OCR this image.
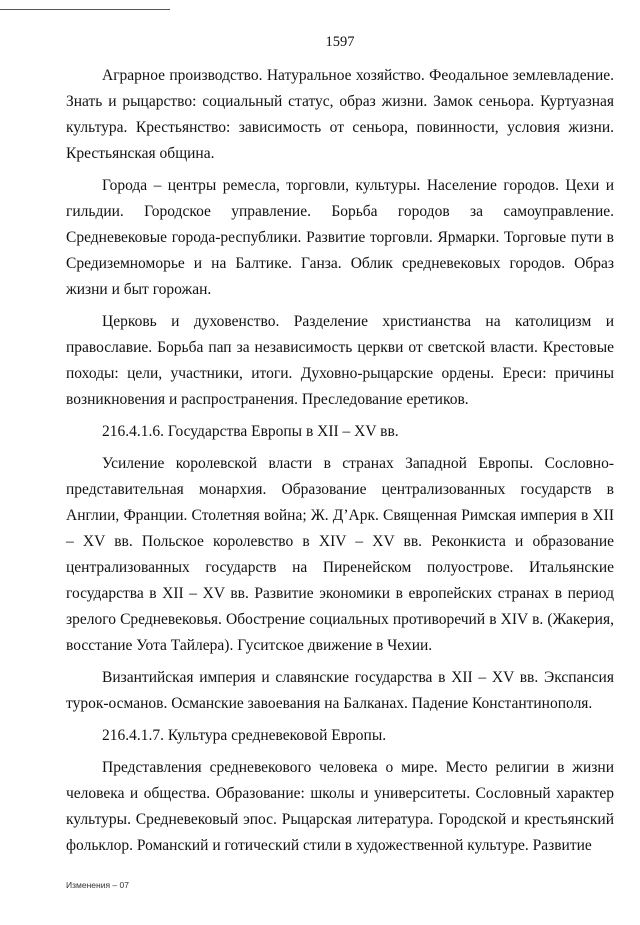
1597

Аграрное производство. Натуральное хозяйство. Феодальное землевладение. Знать и рыцарство: социальный статус, образ жизни. Замок сеньора. Куртуазная культура. Крестьянство: зависимость от сеньора, повинности, условия жизни. Крестьянская община.

Города – центры ремесла, торговли, культуры. Население городов. Цехи и гильдии. Городское управление. Борьба городов за самоуправление. Средневековые города-республики. Развитие торговли. Ярмарки. Торговые пути в Средиземноморье и на Балтике. Ганза. Облик средневековых городов. Образ жизни и быт горожан.

Церковь и духовенство. Разделение христианства на католицизм и православие. Борьба пап за независимость церкви от светской власти. Крестовые походы: цели, участники, итоги. Духовно-рыцарские ордены. Ереси: причины возникновения и распространения. Преследование еретиков.

216.4.1.6. Государства Европы в XII – XV вв.

Усиление королевской власти в странах Западной Европы. Сословно-представительная монархия. Образование централизованных государств в Англии, Франции. Столетняя война; Ж. Д’Арк. Священная Римская империя в XII – XV вв. Польское королевство в XIV – XV вв. Реконкиста и образование централизованных государств на Пиренейском полуострове. Итальянские государства в XII – XV вв. Развитие экономики в европейских странах в период зрелого Средневековья. Обострение социальных противоречий в XIV в. (Жакерия, восстание Уота Тайлера). Гуситское движение в Чехии.

Византийская империя и славянские государства в XII – XV вв. Экспансия турок-османов. Османские завоевания на Балканах. Падение Константинополя.

216.4.1.7. Культура средневековой Европы.

Представления средневекового человека о мире. Место религии в жизни человека и общества. Образование: школы и университеты. Сословный характер культуры. Средневековый эпос. Рыцарская литература. Городской и крестьянский фольклор. Романский и готический стили в художественной культуре. Развитие

Изменения – 07
